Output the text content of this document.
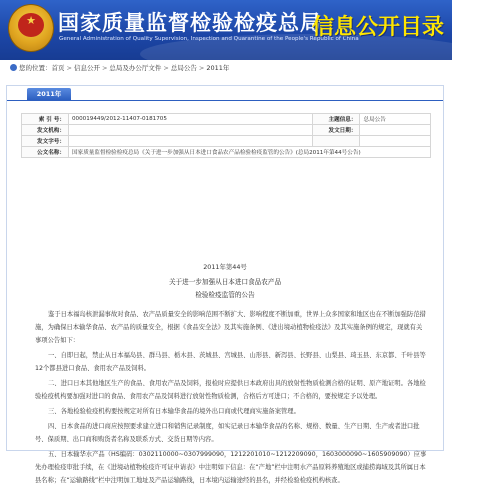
★	国家质量监督检验检疫总局
General Administration of Quality Supervision, Inspection and Quarantine of the People's Republic of China
信息公开目录
您的位置：首页 > 信息公开 > 总局及办公厅文件 > 总局公告 > 2011年
2011年
索 引 号：	000019449/2012-11407-0181705	主题信息：	总局公告
发文机构：		发文日期：	
发文字号：			
公文名称：	国家质量监督检验检疫总局《关于进一步加强从日本进口食品农产品检验检疫监管的公告》(总局2011年第44号公告)		
2011年第44号
关于进一步加强从日本进口食品农产品
检验检疫监管的公告

鉴于日本福岛核泄漏事故对食品、农产品质量安全的影响范围不断扩大、影响程度不断加重，世界上众多国家和地区也在不断加强防范措施，为确保日本输华食品、农产品的质量安全，根据《食品安全法》及其实施条例、《进出境动植物检疫法》及其实施条例的规定，现就有关事项公告如下：

一、自即日起，禁止从日本福岛县、群马县、栃木县、茨城县、宫城县、山形县、新泻县、长野县、山梨县、琦玉县、东京都、千叶县等12个都县进口食品、食用农产品及饲料。

二、进口日本其他地区生产的食品、食用农产品及饲料，报检时应提供日本政府出具的放射性物质检测合格的证明、原产地证明。各地检验检疫机构要加强对进口的食品、食用农产品及饲料进行放射性物质检测，合格后方可进口；不合格的，要按规定予以处理。

三、各地检验检疫机构要按规定对所有日本输华食品的境外出口商或代理商实施备案管理。

四、日本食品的进口商应按照要求建立进口和销售记录制度，如实记录日本输华食品的名称、规格、数量、生产日期、生产或者进口批号、保质期、出口商和购货者名称及联系方式、交货日期等内容。

五、日本输华水产品（HS编码：0302110000~0307999090，1212201010~1212209090，1603000090~1605909090）应事先办理检疫审批手续，在《进境动植物检疫许可证申请表》中注明如下信息：在“产地”栏中注明水产品原料养殖地区或捕捞海域及其所属日本县名称；在“运输路线”栏中注明加工地址及产品运输路线，日本境内运输途经的县名，并经检验检疫机构核查。
